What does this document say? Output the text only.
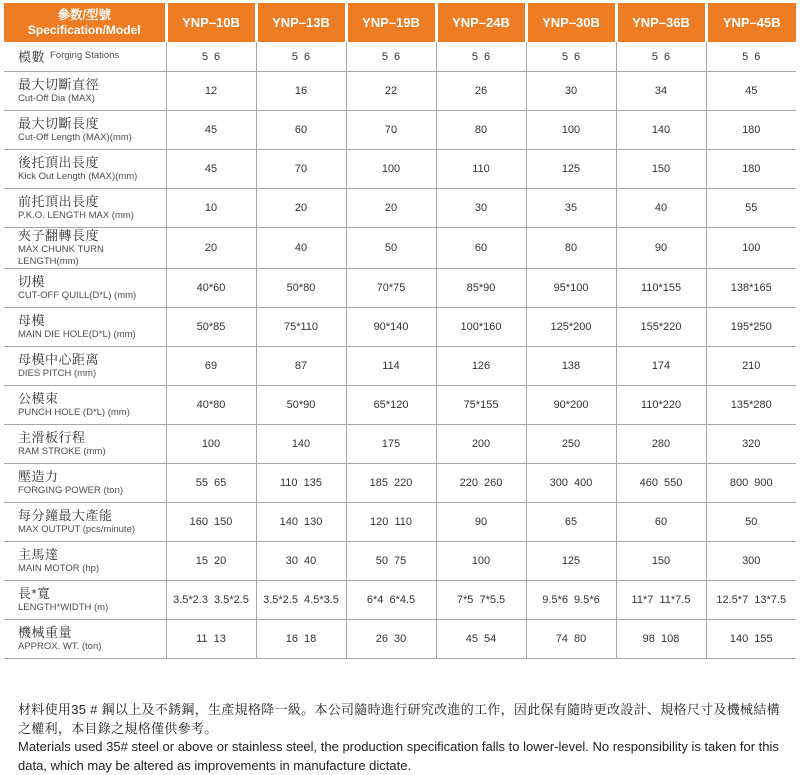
參数/型號
Specification/Model	YNP–10B	YNP–13B	YNP–19B	YNP–24B	YNP–30B	YNP–36B	YNP–45B
模數 Forging Stations	5  6	5  6	5  6	5  6	5  6	5  6	5  6

最大切斷直徑
Cut-Off Dia (MAX)	12	16	22	26	30	34	45

最大切斷長度
Cut-Off Length (MAX)(mm)	45	60	70	80	100	140	180

後托頂出長度
Kick Out Length (MAX)(mm)	45	70	100	110	125	150	180

前托頂出長度
P.K.O. LENGTH MAX (mm)	10	20	20	30	35	40	55

夾子翻轉長度
MAX CHUNK TURN LENGTH(mm)	20	40	50	60	80	90	100

切模
CUT-OFF QUILL(D*L) (mm)	40*60	50*80	70*75	85*90	95*100	110*155	138*165

母模
MAIN DIE HOLE(D*L) (mm)	50*85	75*110	90*140	100*160	125*200	155*220	195*250

母模中心距离
DIES PITCH (mm)	69	87	114	126	138	174	210

公模束
PUNCH HOLE (D*L) (mm)	40*80	50*90	65*120	75*155	90*200	110*220	135*280

主滑板行程
RAM STROKE (mm)	100	140	175	200	250	280	320

壓造力
FORGING POWER (ton)	55  65	110  135	185  220	220  260	300  400	460  550	800  900

每分鐘最大產能
MAX OUTPUT (pcs/minute)	160  150	140  130	120  110	90	65	60	50

主馬達
MAIN MOTOR (hp)	15  20	30  40	50  75	100	125	150	300

長*寬
LENGTH*WIDTH (m)	3.5*2.3  3.5*2.5	3.5*2.5  4.5*3.5	6*4  6*4.5	7*5  7*5.5	9.5*6  9.5*6	11*7  11*7.5	12.5*7  13*7.5

機械重量
APPROX. WT. (ton)	11  13	16  18	26  30	45  54	74  80	98  108	140  155
材料使用35 # 鋼以上及不銹鋼，生產規格降一級。本公司隨時進行研究改進的工作，因此保有隨時更改設計、規格尺寸及機械結構之權利，本目錄之規格僅供參考。
Materials used 35# steel or above or stainless steel, the production specification falls to lower-level. No responsibility is taken for this data, which may be altered as improvements in manufacture dictate.
